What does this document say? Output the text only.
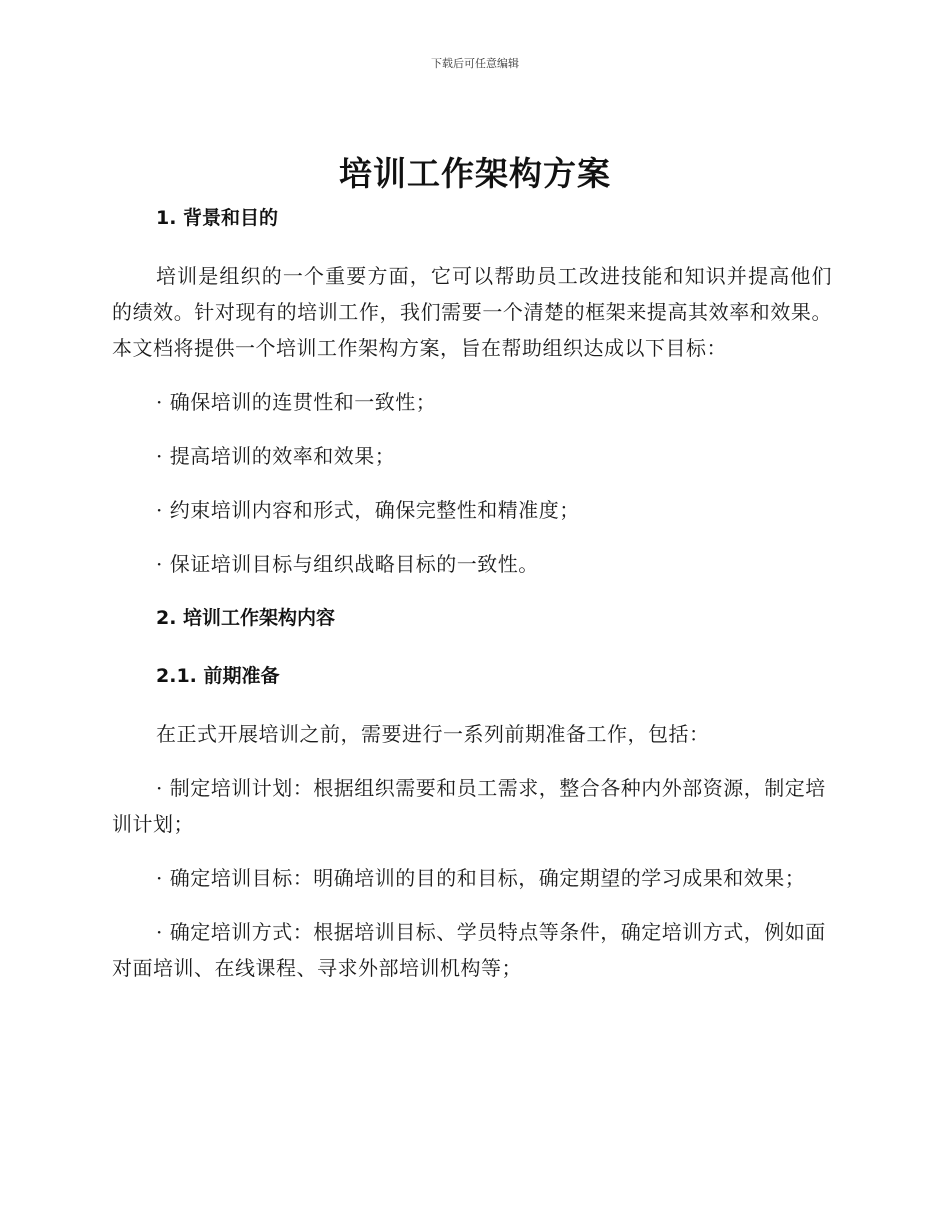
下载后可任意编辑
培训工作架构方案
1. 背景和目的

培训是组织的一个重要方面，它可以帮助员工改进技能和知识并提高他们的绩效。针对现有的培训工作，我们需要一个清楚的框架来提高其效率和效果。本文档将提供一个培训工作架构方案，旨在帮助组织达成以下目标：

· 确保培训的连贯性和一致性；

· 提高培训的效率和效果；

· 约束培训内容和形式，确保完整性和精准度；

· 保证培训目标与组织战略目标的一致性。

2. 培训工作架构内容
2.1. 前期准备

在正式开展培训之前，需要进行一系列前期准备工作，包括：

· 制定培训计划：根据组织需要和员工需求，整合各种内外部资源，制定培训计划；

· 确定培训目标：明确培训的目的和目标，确定期望的学习成果和效果；

· 确定培训方式：根据培训目标、学员特点等条件，确定培训方式，例如面对面培训、在线课程、寻求外部培训机构等；
